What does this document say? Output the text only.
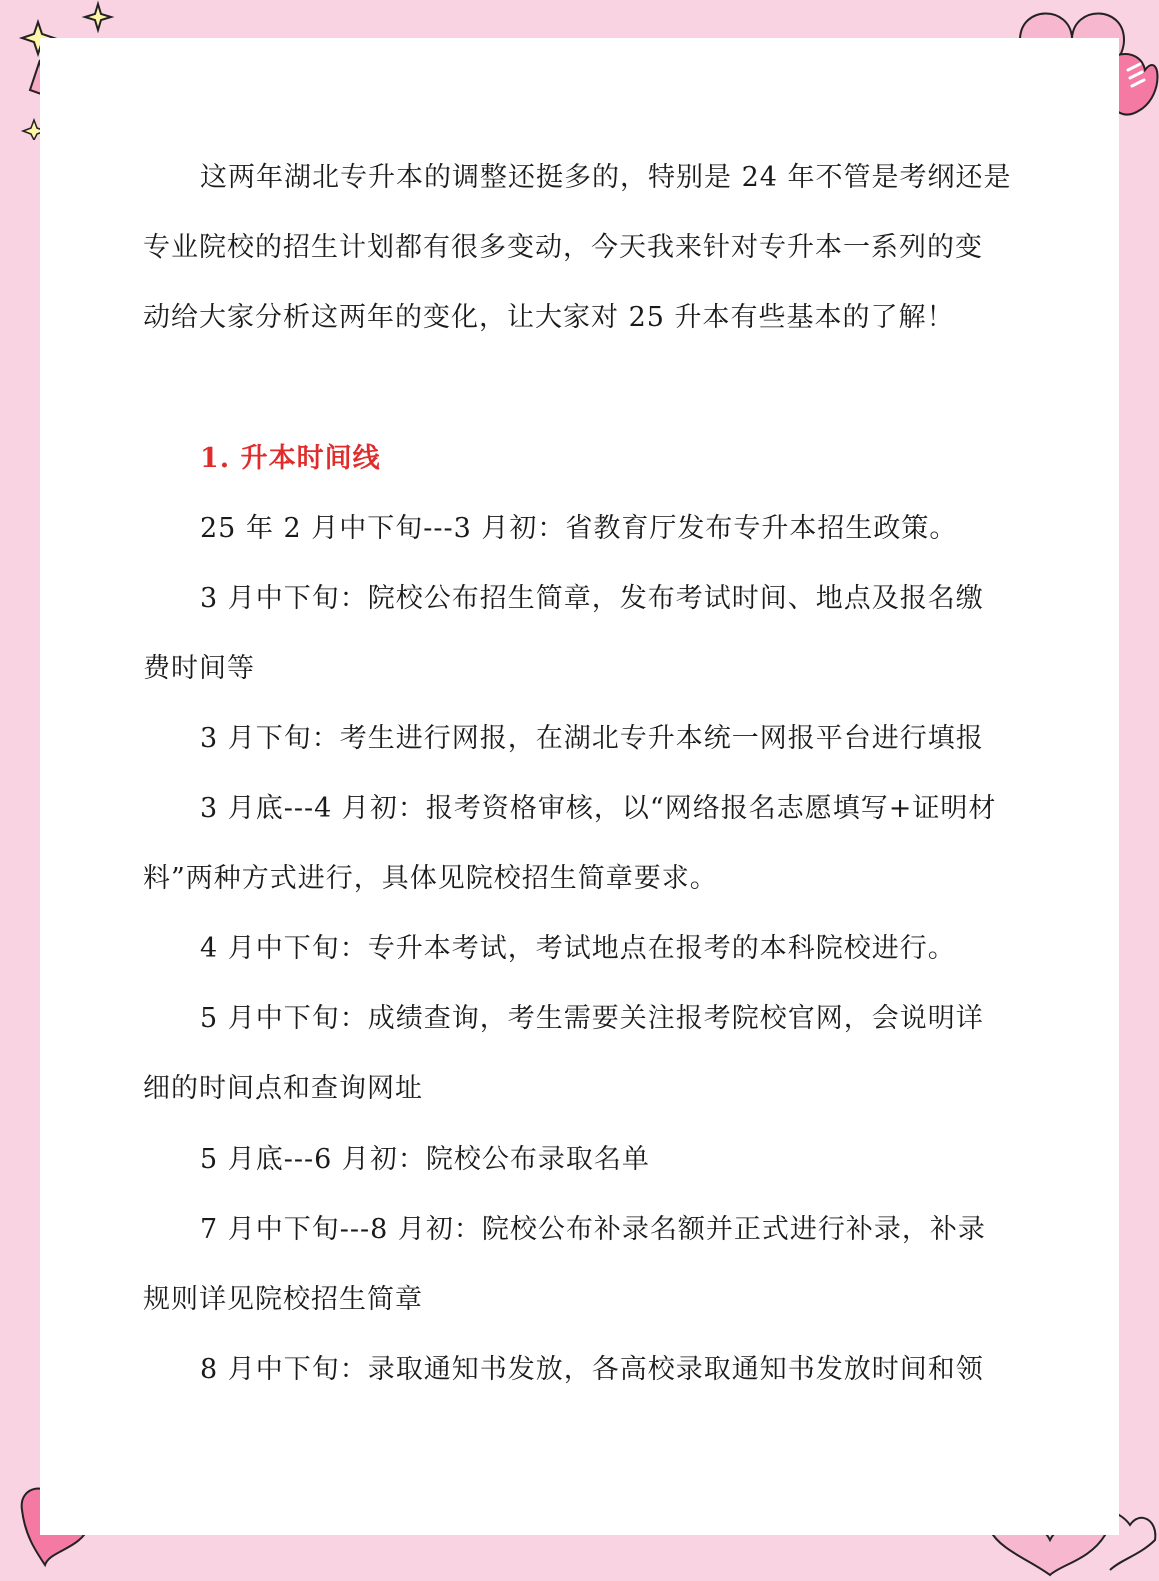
这两年湖北专升本的调整还挺多的，特别是 24 年不管是考纲还是
专业院校的招生计划都有很多变动，今天我来针对专升本一系列的变
动给大家分析这两年的变化，让大家对 25 升本有些基本的了解！
1. 升本时间线
25 年 2 月中下旬---3 月初：省教育厅发布专升本招生政策。
3 月中下旬：院校公布招生简章，发布考试时间、地点及报名缴
费时间等
3 月下旬：考生进行网报，在湖北专升本统一网报平台进行填报
3 月底---4 月初：报考资格审核，以“网络报名志愿填写+证明材
料”两种方式进行，具体见院校招生简章要求。
4 月中下旬：专升本考试，考试地点在报考的本科院校进行。
5 月中下旬：成绩查询，考生需要关注报考院校官网，会说明详
细的时间点和查询网址
5 月底---6 月初：院校公布录取名单
7 月中下旬---8 月初：院校公布补录名额并正式进行补录，补录
规则详见院校招生简章
8 月中下旬：录取通知书发放，各高校录取通知书发放时间和领
